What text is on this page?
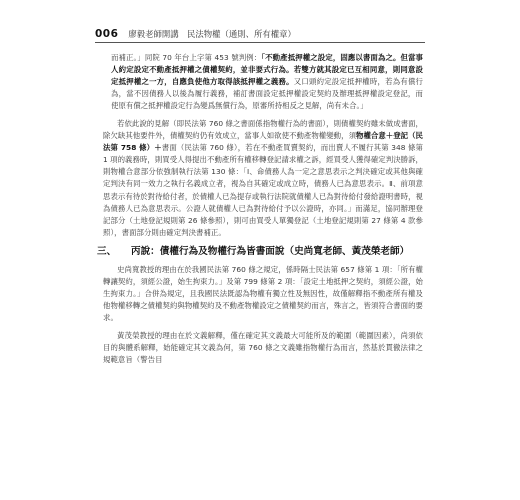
006 廖毅老師開講　民法物權（通則、所有權章）

而補正。」同院 70 年台上字第 453 號判例：「不動產抵押權之設定，固應以書面為之。但當事人約定設定不動產抵押權之債權契約，並非要式行為。若雙方就其設定已互相同意，則同意設定抵押權之一方，自應負使他方取得該抵押權之義務。又口頭約定設定抵押權時，若為有償行為，當不因債務人以後為履行義務，補訂書面設定抵押權設定契約及辦理抵押權設定登記，而使原有償之抵押權設定行為變爲無償行為，原審所持相反之見解，尚有未合。」

若依此說的見解（即民法第 760 條之書面係指物權行為的書面），則債權契約雖未做成書面，除欠缺其他要件外，債權契約仍有效成立，當事人如欲使不動產物權變動，須物權合意＋登記（民法第 758 條）＋書面（民法第 760 條），若在不動產買賣契約，而出賣人不履行其第 348 條第 1 項的義務時，則買受人得提出不動產所有權移轉登記請求權之訴，經買受人獲得確定判決勝訴，則物權合意部分依強制執行法第 130 條：「Ⅰ、命債務人為一定之意思表示之判決確定或其他與確定判決有同一效力之執行名義成立者，視為自其確定或成立時，債務人已為意思表示。Ⅱ、前項意思表示有待於對待給付者，於債權人已為提存或執行法院就債權人已為對待給付發給證明書時，視為債務人已為意思表示。公證人就債權人已為對待給付予以公證時，亦同。」而滿足，協同辦理登記部分（土地登記規則第 26 條參照），則可由買受人單獨登記（土地登記規則第 27 條第 4 款參照），書面部分則由確定判決書補正。

三、	丙說：債權行為及物權行為皆書面說（史尚寬老師、黃茂榮老師）

史尚寬教授的理由在於我國民法第 760 條之規定，係時隔士民法第 657 條第 1 項：「所有權轉讓契約，須經公證，始生拘束力。」及第 799 條第 2 項：「設定土地抵押之契約，須經公證，始生拘束力。」合併為規定，且我國民法既認為物權有獨立性及無因性，故僅解釋指不動產所有權及他物權移轉之債權契約與物權契約及不動產物權設定之債權契約而言，殊言之，皆須符合書面的要求。

黃茂榮教授的理由在於文義解釋，僅在確定其文義最大可能所及的範圍（範圍因素），尚須依目的與體系解釋，始能確定其文義為何，第 760 條之文義雖指物權行為而言，然基於貫徹法律之規範意旨（警告目
